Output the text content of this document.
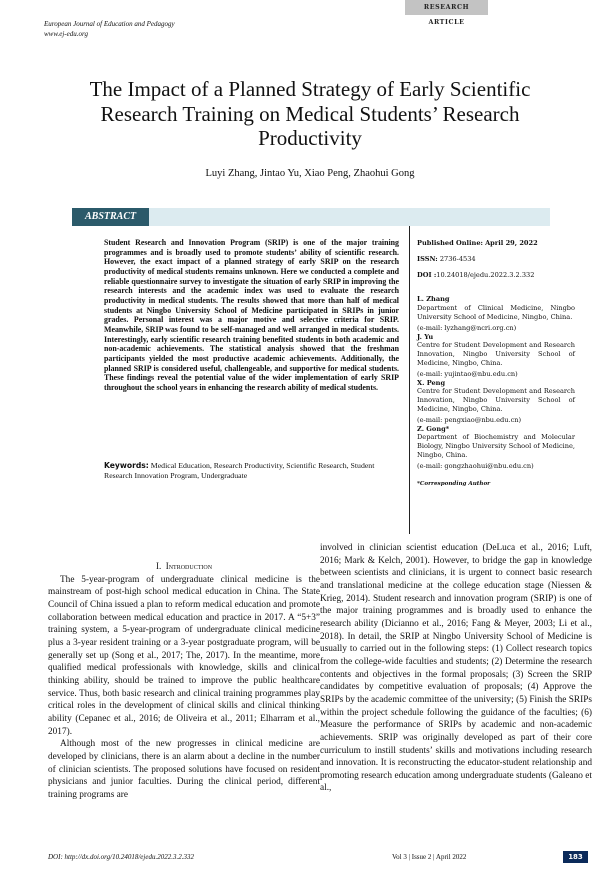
RESEARCH ARTICLE
European Journal of Education and Pedagogy
www.ej-edu.org
The Impact of a Planned Strategy of Early Scientific Research Training on Medical Students’ Research Productivity
Luyi Zhang, Jintao Yu, Xiao Peng, Zhaohui Gong
ABSTRACT
Student Research and Innovation Program (SRIP) is one of the major training programmes and is broadly used to promote students’ ability of scientific research. However, the exact impact of a planned strategy of early SRIP on the research productivity of medical students remains unknown. Here we conducted a complete and reliable questionnaire survey to investigate the situation of early SRIP in improving the research interests and the academic index was used to evaluate the research productivity in medical students. The results showed that more than half of medical students at Ningbo University School of Medicine participated in SRIPs in junior grades. Personal interest was a major motive and selective criteria for SRIP. Meanwhile, SRIP was found to be self-managed and well arranged in medical students. Interestingly, early scientific research training benefited students in both academic and non-academic achievements. The statistical analysis showed that the freshman participants yielded the most productive academic achievements. Additionally, the planned SRIP is considered useful, challengeable, and supportive for medical students. These findings reveal the potential value of the wider implementation of early SRIP throughout the school years in enhancing the research ability of medical students.
Keywords: Medical Education, Research Productivity, Scientific Research, Student Research Innovation Program, Undergraduate

Published Online: April 29, 2022

ISSN: 2736-4534

DOI :10.24018/ejedu.2022.3.2.332

L. Zhang

Department of Clinical Medicine, Ningbo University School of Medicine, Ningbo, China.

(e-mail: lyzhang@ncri.org.cn)

J. Yu

Centre for Student Development and Research Innovation, Ningbo University School of Medicine, Ningbo, China.

(e-mail: yujintao@nbu.edu.cn)

X. Peng

Centre for Student Development and Research Innovation, Ningbo University School of Medicine, Ningbo, China.

(e-mail: pengxiao@nbu.edu.cn)

Z. Gong*

Department of Biochemistry and Molecular Biology, Ningbo University School of Medicine, Ningbo, China.

(e-mail: gongzhaohui@nbu.edu.cn)

*Corresponding Author

I. Introduction

The 5-year-program of undergraduate clinical medicine is the mainstream of post-high school medical education in China. The State Council of China issued a plan to reform medical education and promote collaboration between medical education and practice in 2017. A “5+3” training system, a 5-year-program of undergraduate clinical medicine plus a 3-year resident training or a 3-year postgraduate program, will be generally set up (Song et al., 2017; The, 2017). In the meantime, more qualified medical professionals with knowledge, skills and clinical thinking ability, should be trained to improve the public healthcare service. Thus, both basic research and clinical training programmes play critical roles in the development of clinical skills and clinical thinking ability (Cepanec et al., 2016; de Oliveira et al., 2011; Elharram et al., 2017).

Although most of the new progresses in clinical medicine are developed by clinicians, there is an alarm about a decline in the number of clinician scientists. The proposed solutions have focused on resident physicians and junior faculties. During the clinical period, different training programs are

involved in clinician scientist education (DeLuca et al., 2016; Luft, 2016; Mark & Kelch, 2001). However, to bridge the gap in knowledge between scientists and clinicians, it is urgent to connect basic research and translational medicine at the college education stage (Niessen & Krieg, 2014). Student research and innovation program (SRIP) is one of the major training programmes and is broadly used to enhance the research ability (Dicianno et al., 2016; Fang & Meyer, 2003; Li et al., 2018). In detail, the SRIP at Ningbo University School of Medicine is usually to carried out in the following steps: (1) Collect research topics from the college-wide faculties and students; (2) Determine the research contents and objectives in the formal proposals; (3) Screen the SRIP candidates by competitive evaluation of proposals; (4) Approve the SRIPs by the academic committee of the university; (5) Finish the SRIPs within the project schedule following the guidance of the faculties; (6) Measure the performance of SRIPs by academic and non-academic achievements. SRIP was originally developed as part of their core curriculum to instill students’ skills and motivations including research and innovation. It is reconstructing the educator-student relationship and promoting research education among undergraduate students (Galeano et al.,

DOI: http://dx.doi.org/10.24018/ejedu.2022.3.2.332	Vol 3 | Issue 2 | April 2022	183
